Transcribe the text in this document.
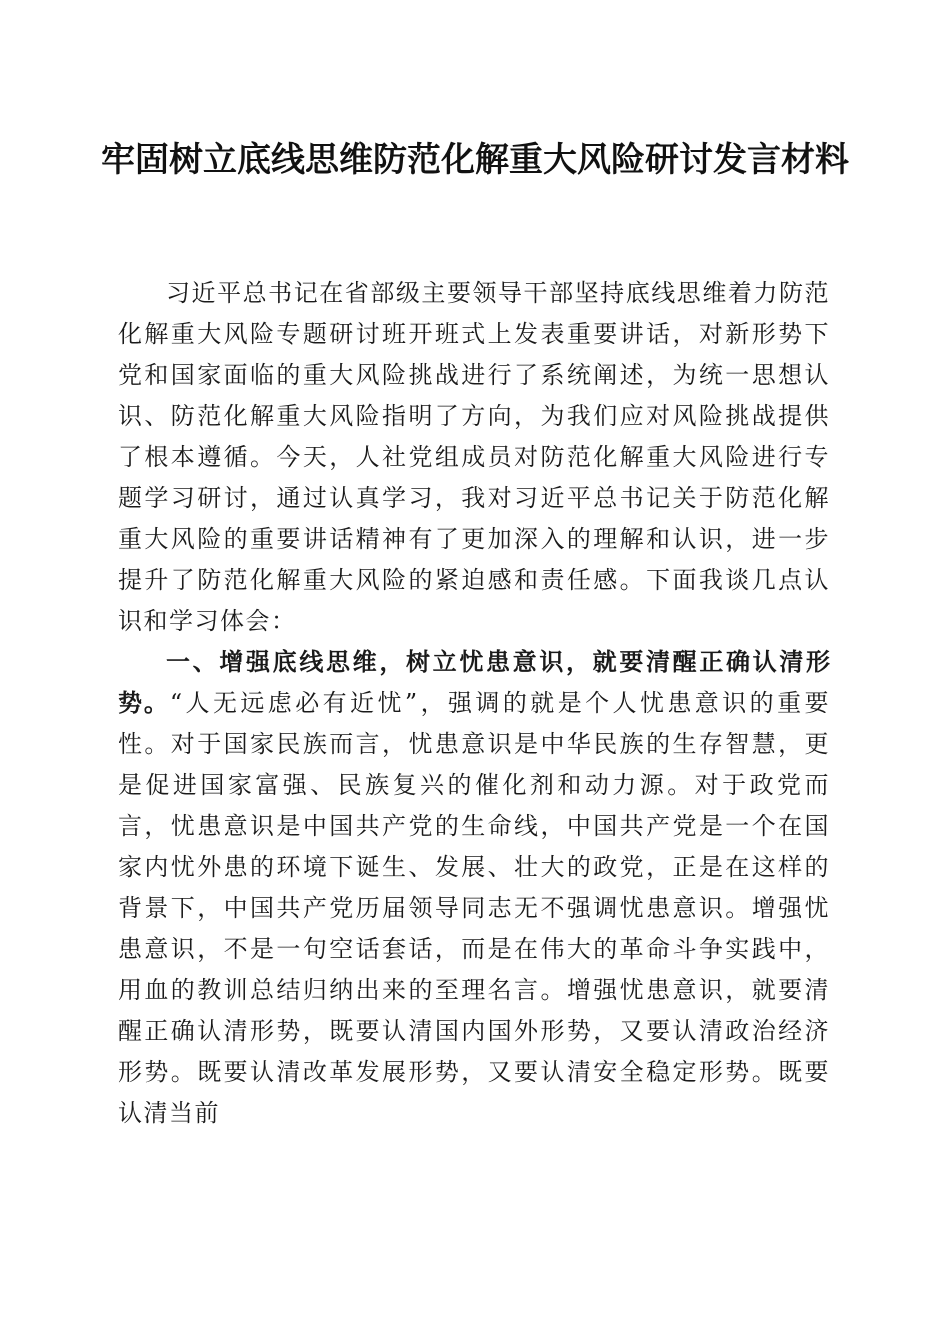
牢固树立底线思维防范化解重大风险研讨发言材料

习近平总书记在省部级主要领导干部坚持底线思维着力防范化解重大风险专题研讨班开班式上发表重要讲话，对新形势下党和国家面临的重大风险挑战进行了系统阐述，为统一思想认识、防范化解重大风险指明了方向，为我们应对风险挑战提供了根本遵循。今天，人社党组成员对防范化解重大风险进行专题学习研讨，通过认真学习，我对习近平总书记关于防范化解重大风险的重要讲话精神有了更加深入的理解和认识，进一步提升了防范化解重大风险的紧迫感和责任感。下面我谈几点认识和学习体会：

一、增强底线思维，树立忧患意识，就要清醒正确认清形势。“人无远虑必有近忧”，强调的就是个人忧患意识的重要性。对于国家民族而言，忧患意识是中华民族的生存智慧，更是促进国家富强、民族复兴的催化剂和动力源。对于政党而言，忧患意识是中国共产党的生命线，中国共产党是一个在国家内忧外患的环境下诞生、发展、壮大的政党，正是在这样的背景下，中国共产党历届领导同志无不强调忧患意识。增强忧患意识，不是一句空话套话，而是在伟大的革命斗争实践中，用血的教训总结归纳出来的至理名言。增强忧患意识，就要清醒正确认清形势，既要认清国内国外形势，又要认清政治经济形势。既要认清改革发展形势，又要认清安全稳定形势。既要认清当前
